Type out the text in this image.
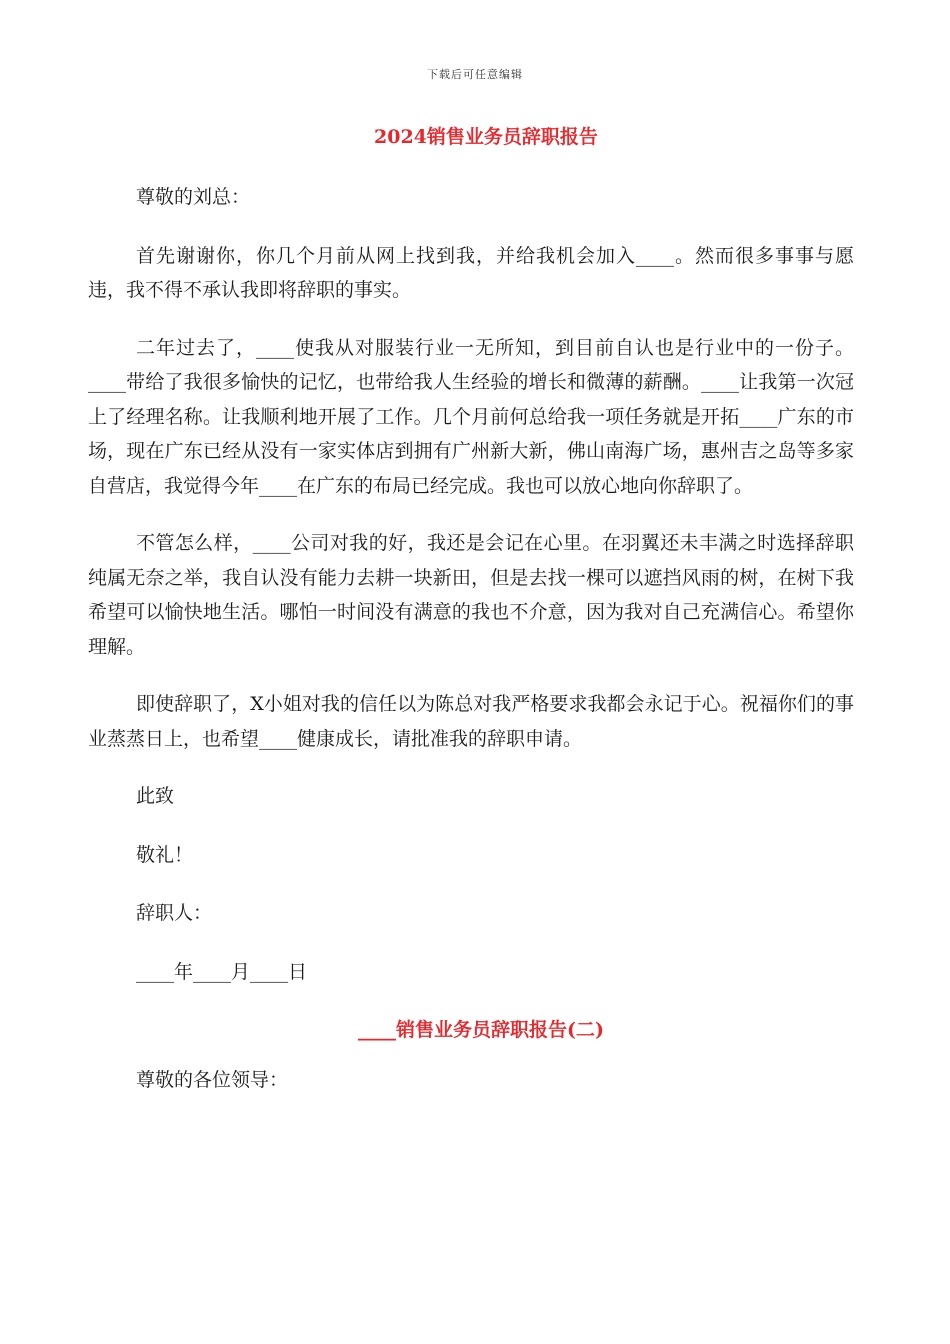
下载后可任意编辑
2024销售业务员辞职报告

尊敬的刘总：

首先谢谢你，你几个月前从网上找到我，并给我机会加入____。然而很多事事与愿违，我不得不承认我即将辞职的事实。

二年过去了，____使我从对服装行业一无所知，到目前自认也是行业中的一份子。____带给了我很多愉快的记忆，也带给我人生经验的增长和微薄的薪酬。____让我第一次冠上了经理名称。让我顺利地开展了工作。几个月前何总给我一项任务就是开拓____广东的市场，现在广东已经从没有一家实体店到拥有广州新大新，佛山南海广场，惠州吉之岛等多家自营店，我觉得今年____在广东的布局已经完成。我也可以放心地向你辞职了。

不管怎么样，____公司对我的好，我还是会记在心里。在羽翼还未丰满之时选择辞职纯属无奈之举，我自认没有能力去耕一块新田，但是去找一棵可以遮挡风雨的树，在树下我希望可以愉快地生活。哪怕一时间没有满意的我也不介意，因为我对自己充满信心。希望你理解。

即使辞职了，X小姐对我的信任以为陈总对我严格要求我都会永记于心。祝福你们的事业蒸蒸日上，也希望____健康成长，请批准我的辞职申请。

此致

敬礼！

辞职人：

____年____月____日

____销售业务员辞职报告(二)

尊敬的各位领导：
